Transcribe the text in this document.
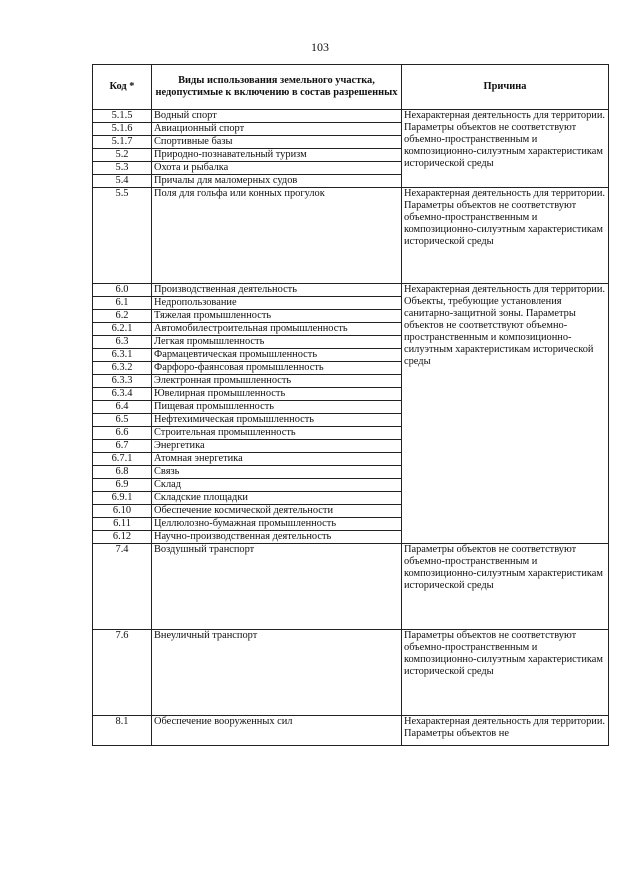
103
Код *	Виды использования земельного участка, недопустимые к включению в состав разрешенных	Причина
5.1.5	Водный спорт	Нехарактерная деятельность для территории. Параметры объектов не соответствуют объемно-пространственным и композиционно-силуэтным характеристикам исторической среды
5.1.6	Авиационный спорт	
5.1.7	Спортивные базы	
5.2	Природно-познавательный туризм	
5.3	Охота и рыбалка	
5.4	Причалы для маломерных судов	
5.5	Поля для гольфа или конных прогулок	Нехарактерная деятельность для территории. Параметры объектов не соответствуют объемно-пространственным и композиционно-силуэтным характеристикам исторической среды
6.0	Производственная деятельность	Нехарактерная деятельность для территории. Объекты, требующие установления санитарно-защитной зоны. Параметры объектов не соответствуют объемно-пространственным и композиционно-силуэтным характеристикам исторической среды
6.1	Недропользование	
6.2	Тяжелая промышленность	
6.2.1	Автомобилестроительная промышленность	
6.3	Легкая промышленность	
6.3.1	Фармацевтическая промышленность	
6.3.2	Фарфоро-фаянсовая промышленность	
6.3.3	Электронная промышленность	
6.3.4	Ювелирная промышленность	
6.4	Пищевая промышленность	
6.5	Нефтехимическая промышленность	
6.6	Строительная промышленность	
6.7	Энергетика	
6.7.1	Атомная энергетика	
6.8	Связь	
6.9	Склад	
6.9.1	Складские площадки	
6.10	Обеспечение космической деятельности	
6.11	Целлюлозно-бумажная промышленность	
6.12	Научно-производственная деятельность	
7.4	Воздушный транспорт	Параметры объектов не соответствуют объемно-пространственным и композиционно-силуэтным характеристикам исторической среды
7.6	Внеуличный транспорт	Параметры объектов не соответствуют объемно-пространственным и композиционно-силуэтным характеристикам исторической среды
8.1	Обеспечение вооруженных сил	Нехарактерная деятельность для территории. Параметры объектов не
